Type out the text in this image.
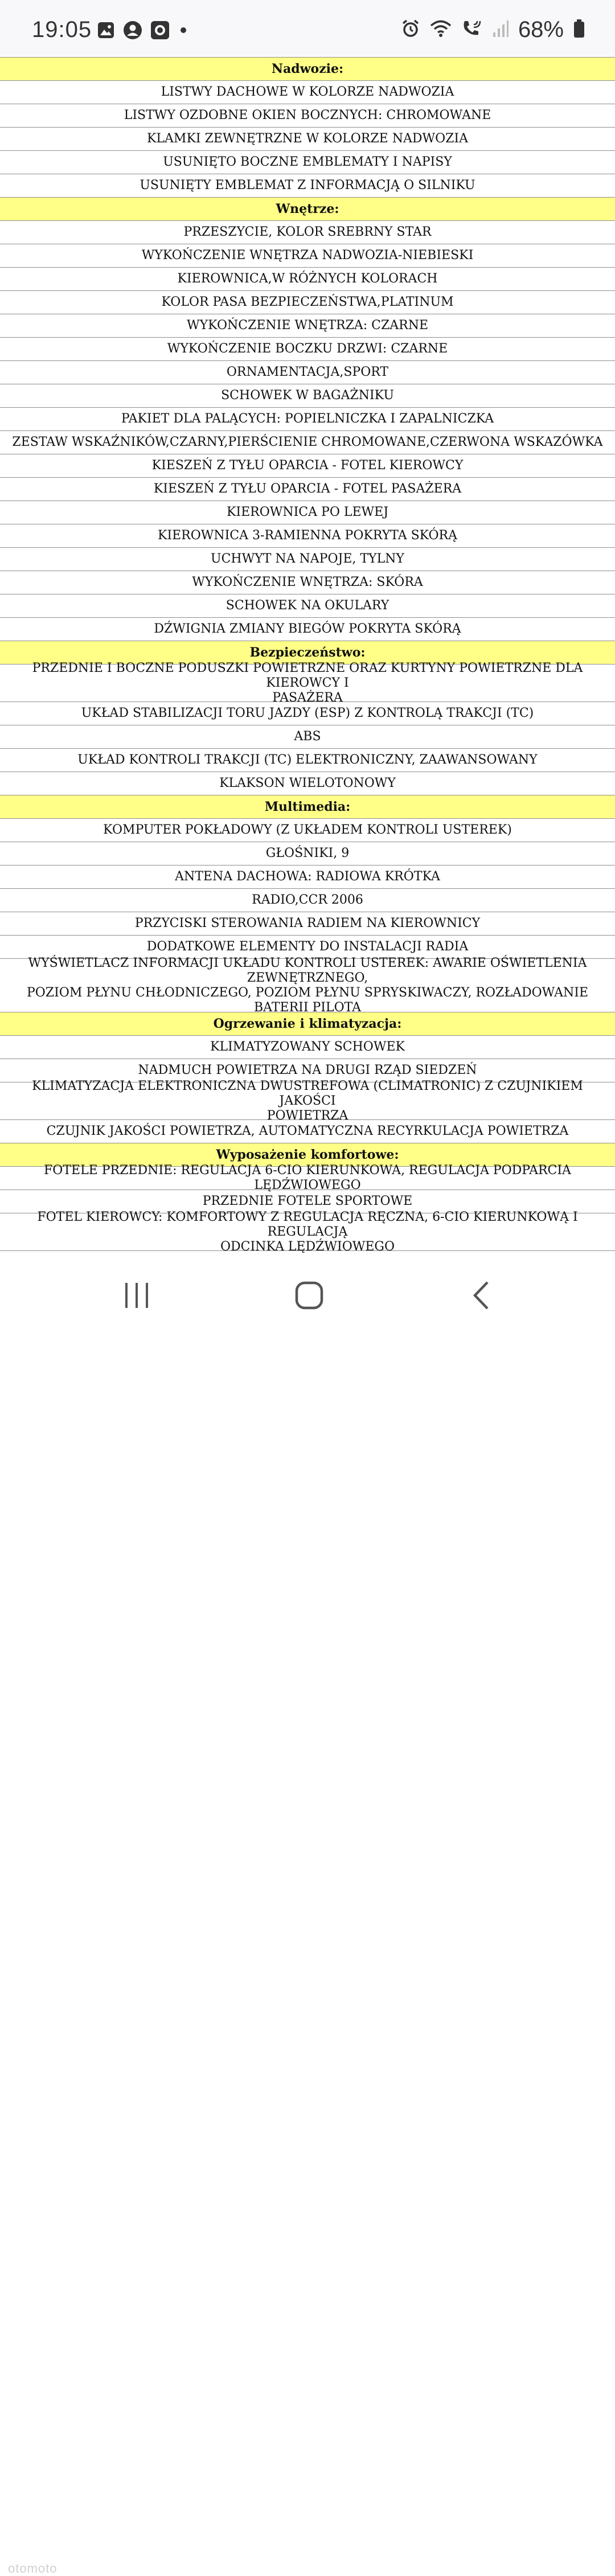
19:05	68%
Nadwozie:
LISTWY DACHOWE W KOLORZE NADWOZIA
LISTWY OZDOBNE OKIEN BOCZNYCH: CHROMOWANE
KLAMKI ZEWNĘTRZNE W KOLORZE NADWOZIA
USUNIĘTO BOCZNE EMBLEMATY I NAPISY
USUNIĘTY EMBLEMAT Z INFORMACJĄ O SILNIKU
Wnętrze:
PRZESZYCIE, KOLOR SREBRNY STAR
WYKOŃCZENIE WNĘTRZA NADWOZIA-NIEBIESKI
KIEROWNICA,W RÓŻNYCH KOLORACH
KOLOR PASA BEZPIECZEŃSTWA,PLATINUM
WYKOŃCZENIE WNĘTRZA: CZARNE
WYKOŃCZENIE BOCZKU DRZWI: CZARNE
ORNAMENTACJA,SPORT
SCHOWEK W BAGAŻNIKU
PAKIET DLA PALĄCYCH: POPIELNICZKA I ZAPALNICZKA
ZESTAW WSKAŹNIKÓW,CZARNY,PIERŚCIENIE CHROMOWANE,CZERWONA WSKAZÓWKA
KIESZEŃ Z TYŁU OPARCIA - FOTEL KIEROWCY
KIESZEŃ Z TYŁU OPARCIA - FOTEL PASAŻERA
KIEROWNICA PO LEWEJ
KIEROWNICA 3-RAMIENNA POKRYTA SKÓRĄ
UCHWYT NA NAPOJE, TYLNY
WYKOŃCZENIE WNĘTRZA: SKÓRA
SCHOWEK NA OKULARY
DŹWIGNIA ZMIANY BIEGÓW POKRYTA SKÓRĄ
Bezpieczeństwo:
PRZEDNIE I BOCZNE PODUSZKI POWIETRZNE ORAZ KURTYNY POWIETRZNE DLA KIEROWCY I
PASAŻERA
UKŁAD STABILIZACJI TORU JAZDY (ESP) Z KONTROLĄ TRAKCJI (TC)
ABS
UKŁAD KONTROLI TRAKCJI (TC) ELEKTRONICZNY, ZAAWANSOWANY
KLAKSON WIELOTONOWY
Multimedia:
KOMPUTER POKŁADOWY (Z UKŁADEM KONTROLI USTEREK)
GŁOŚNIKI, 9
ANTENA DACHOWA: RADIOWA KRÓTKA
RADIO,CCR 2006
PRZYCISKI STEROWANIA RADIEM NA KIEROWNICY
DODATKOWE ELEMENTY DO INSTALACJI RADIA
WYŚWIETLACZ INFORMACJI UKŁADU KONTROLI USTEREK: AWARIE OŚWIETLENIA
ZEWNĘTRZNEGO,
POZIOM PŁYNU CHŁODNICZEGO, POZIOM PŁYNU SPRYSKIWACZY, ROZŁADOWANIE BATERII PILOTA
Ogrzewanie i klimatyzacja:
KLIMATYZOWANY SCHOWEK
NADMUCH POWIETRZA NA DRUGI RZĄD SIEDZEŃ
KLIMATYZACJA ELEKTRONICZNA DWUSTREFOWA (CLIMATRONIC) Z CZUJNIKIEM JAKOŚCI
POWIETRZA
CZUJNIK JAKOŚCI POWIETRZA, AUTOMATYCZNA RECYRKULACJA POWIETRZA
Wyposażenie komfortowe:
FOTELE PRZEDNIE: REGULACJA 6-CIO KIERUNKOWA, REGULACJA PODPARCIA LĘDŹWIOWEGO
PRZEDNIE FOTELE SPORTOWE
FOTEL KIEROWCY: KOMFORTOWY Z REGULACJA RĘCZNA, 6-CIO KIERUNKOWĄ I REGULACJĄ
ODCINKA LĘDŹWIOWEGO
otomoto
